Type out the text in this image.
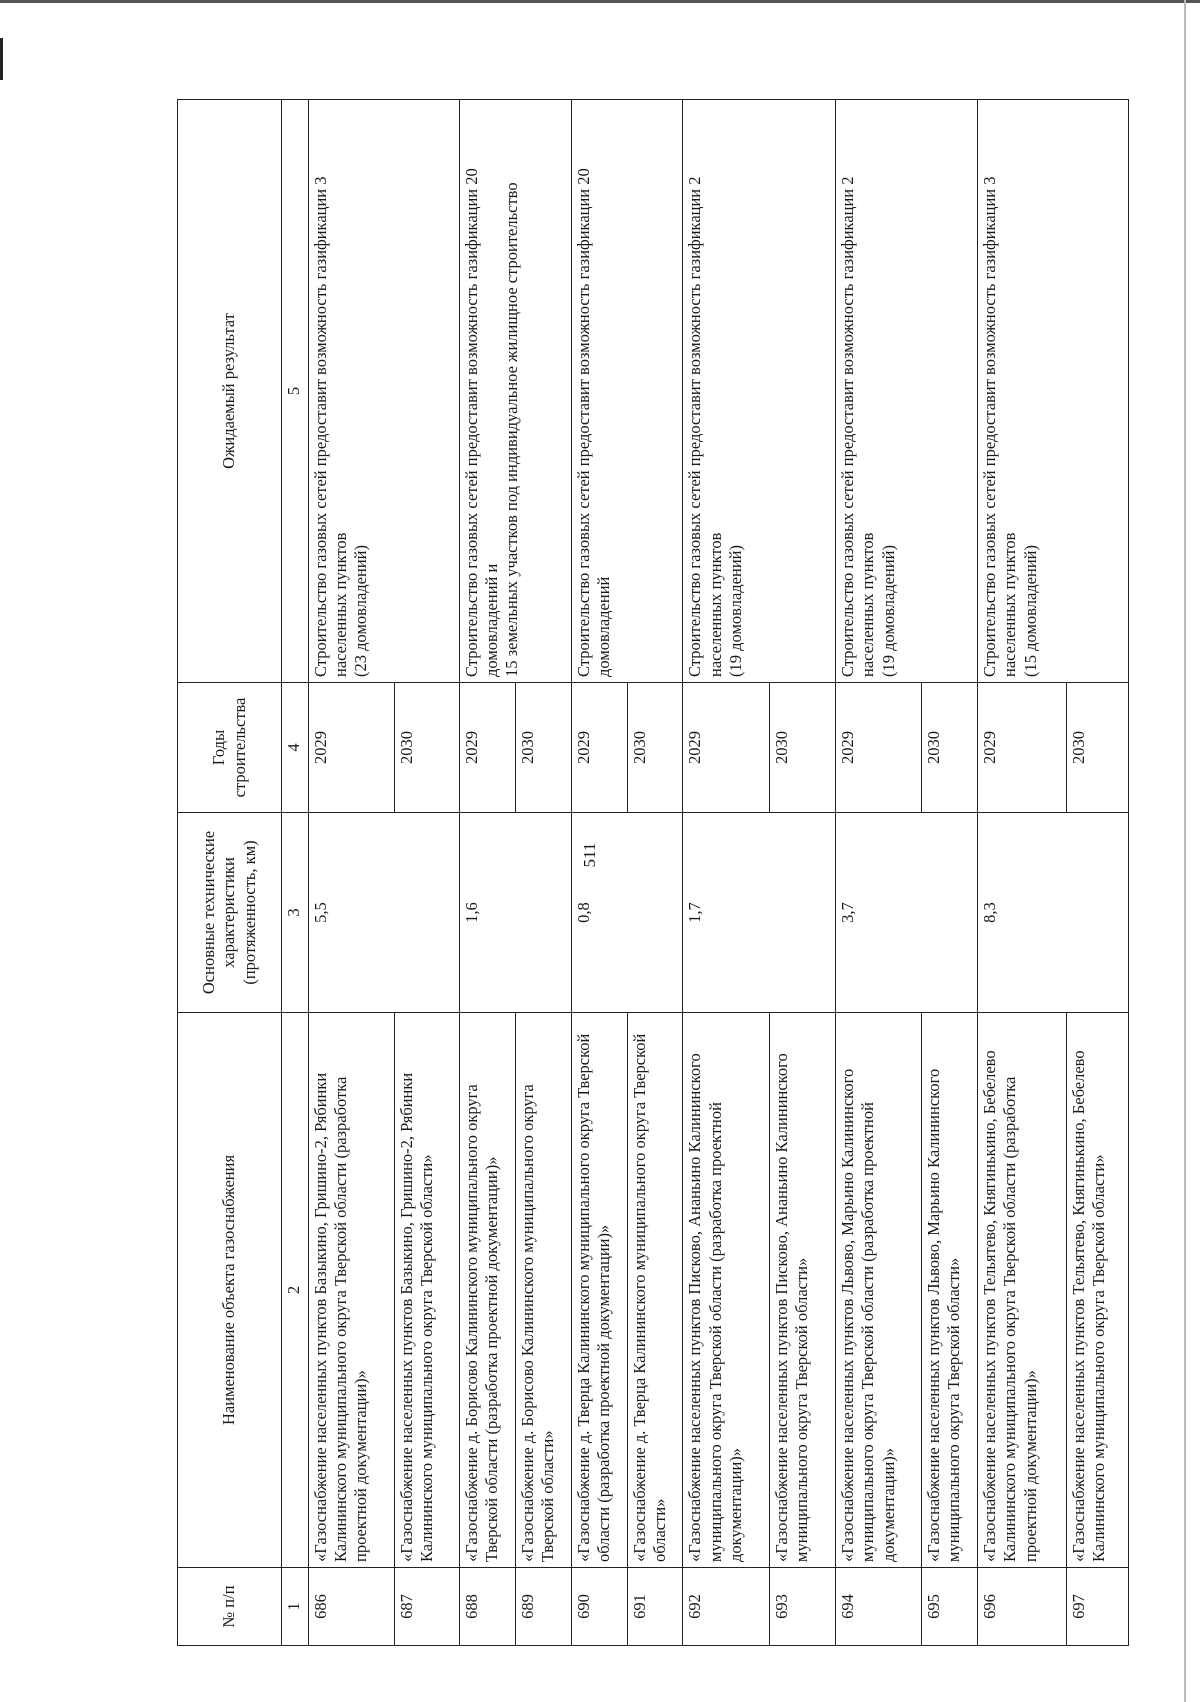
511
№ п/п	Наименование объекта газоснабжения	Основные технические характеристики (протяженность, км)	Годы строительства	Ожидаемый результат
1	2	3	4	5
686	«Газоснабжение населенных пунктов Базыкино, Гришино-2, Рябинки Калининского муниципального округа Тверской области (разработка проектной документации)»	5,5	2029	Строительство газовых сетей предоставит возможность газификации 3 населенных пунктов (23 домовладений)

687	«Газоснабжение населенных пунктов Базыкино, Гришино-2, Рябинки Калининского муниципального округа Тверской области»		2030	
688	«Газоснабжение д. Борисово Калининского муниципального округа Тверской области (разработка проектной документации)»	1,6	2029	Строительство газовых сетей предоставит возможность газификации 20 домовладений и 15 земельных участков под индивидуальное жилищное строительство

689	«Газоснабжение д. Борисово Калининского муниципального округа Тверской области»		2030	
690	«Газоснабжение д. Тверца Калининского муниципального округа Тверской области (разработка проектной документации)»	0,8	2029	Строительство газовых сетей предоставит возможность газификации 20 домовладений

691	«Газоснабжение д. Тверца Калининского муниципального округа Тверской области»		2030	
692	«Газоснабжение населенных пунктов Писково, Ананьино Калининского муниципального округа Тверской области (разработка проектной документации)»	1,7	2029	Строительство газовых сетей предоставит возможность газификации 2 населенных пунктов (19 домовладений)

693	«Газоснабжение населенных пунктов Писково, Ананьино Калининского муниципального округа Тверской области»		2030	
694	«Газоснабжение населенных пунктов Львово, Марьино Калининского муниципального округа Тверской области (разработка проектной документации)»	3,7	2029	Строительство газовых сетей предоставит возможность газификации 2 населенных пунктов (19 домовладений)

695	«Газоснабжение населенных пунктов Львово, Марьино Калининского муниципального округа Тверской области»		2030	
696	«Газоснабжение населенных пунктов Тельятево, Княгинькино, Бебелево Калининского муниципального округа Тверской области (разработка проектной документации)»	8,3	2029	Строительство газовых сетей предоставит возможность газификации 3 населенных пунктов (15 домовладений)

697	«Газоснабжение населенных пунктов Тельятево, Княгинькино, Бебелево Калининского муниципального округа Тверской области»		2030	
